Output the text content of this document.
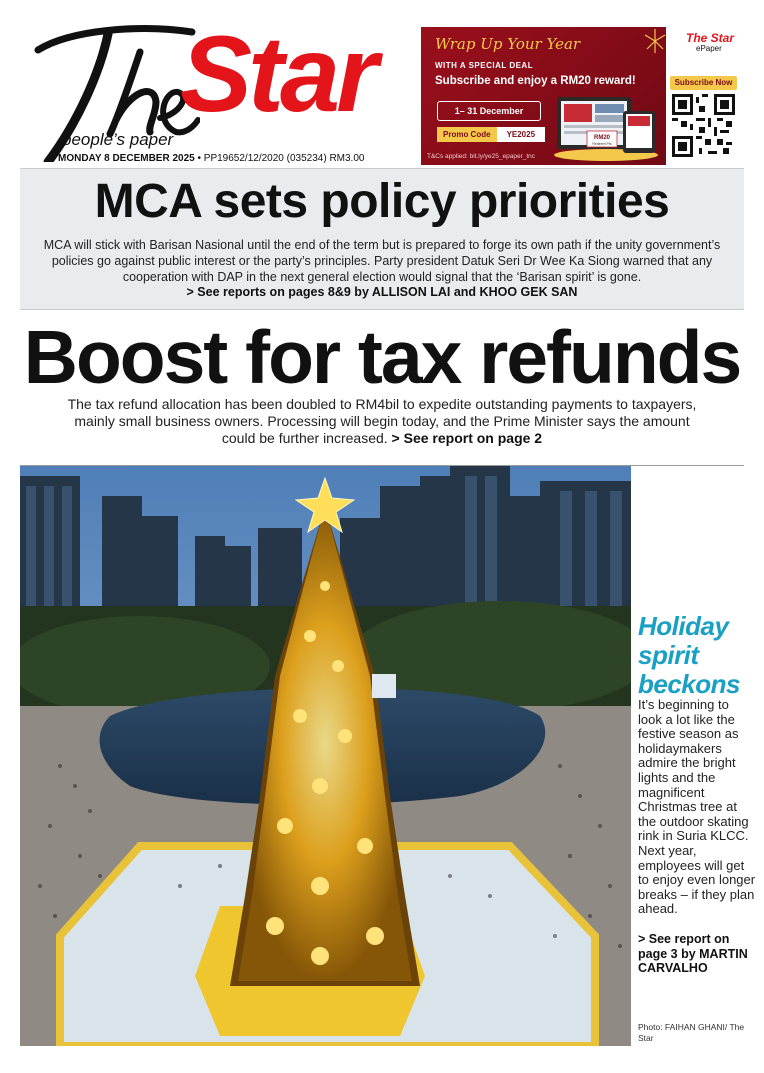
Star
people’s paper
MONDAY 8 DECEMBER 2025 • PP19652/12/2020 (035234) RM3.00
Wrap Up Your Year
WITH A SPECIAL DEAL
Subscribe and enjoy a RM20 reward!
1– 31 December
Promo Code	YE2025
T&Cs applied: bit.ly/ye25_epaper_tnc
RM20
Redeem Pts
The Star
ePaper
Subscribe Now
MCA sets policy priorities

MCA will stick with Barisan Nasional until the end of the term but is prepared to forge its own path if the unity government’s policies go against public interest or the party’s principles. Party president Datuk Seri Dr Wee Ka Siong warned that any cooperation with DAP in the next general election would signal that the ‘Barisan spirit’ is gone.

> See reports on pages 8&9 by ALLISON LAI and KHOO GEK SAN

Boost for tax refunds

The tax refund allocation has been doubled to RM4bil to expedite outstanding payments to taxpayers, mainly small business owners. Processing will begin today, and the Prime Minister says the amount could be further increased. > See report on page 2

Holiday spirit beckons

It’s beginning to look a lot like the festive season as holidaymakers admire the bright lights and the magnificent Christmas tree at the outdoor skating rink in Suria KLCC. Next year, employees will get to enjoy even longer breaks – if they plan ahead.

> See report on page 3 by MARTIN CARVALHO

Photo: FAIHAN GHANI/ The Star
